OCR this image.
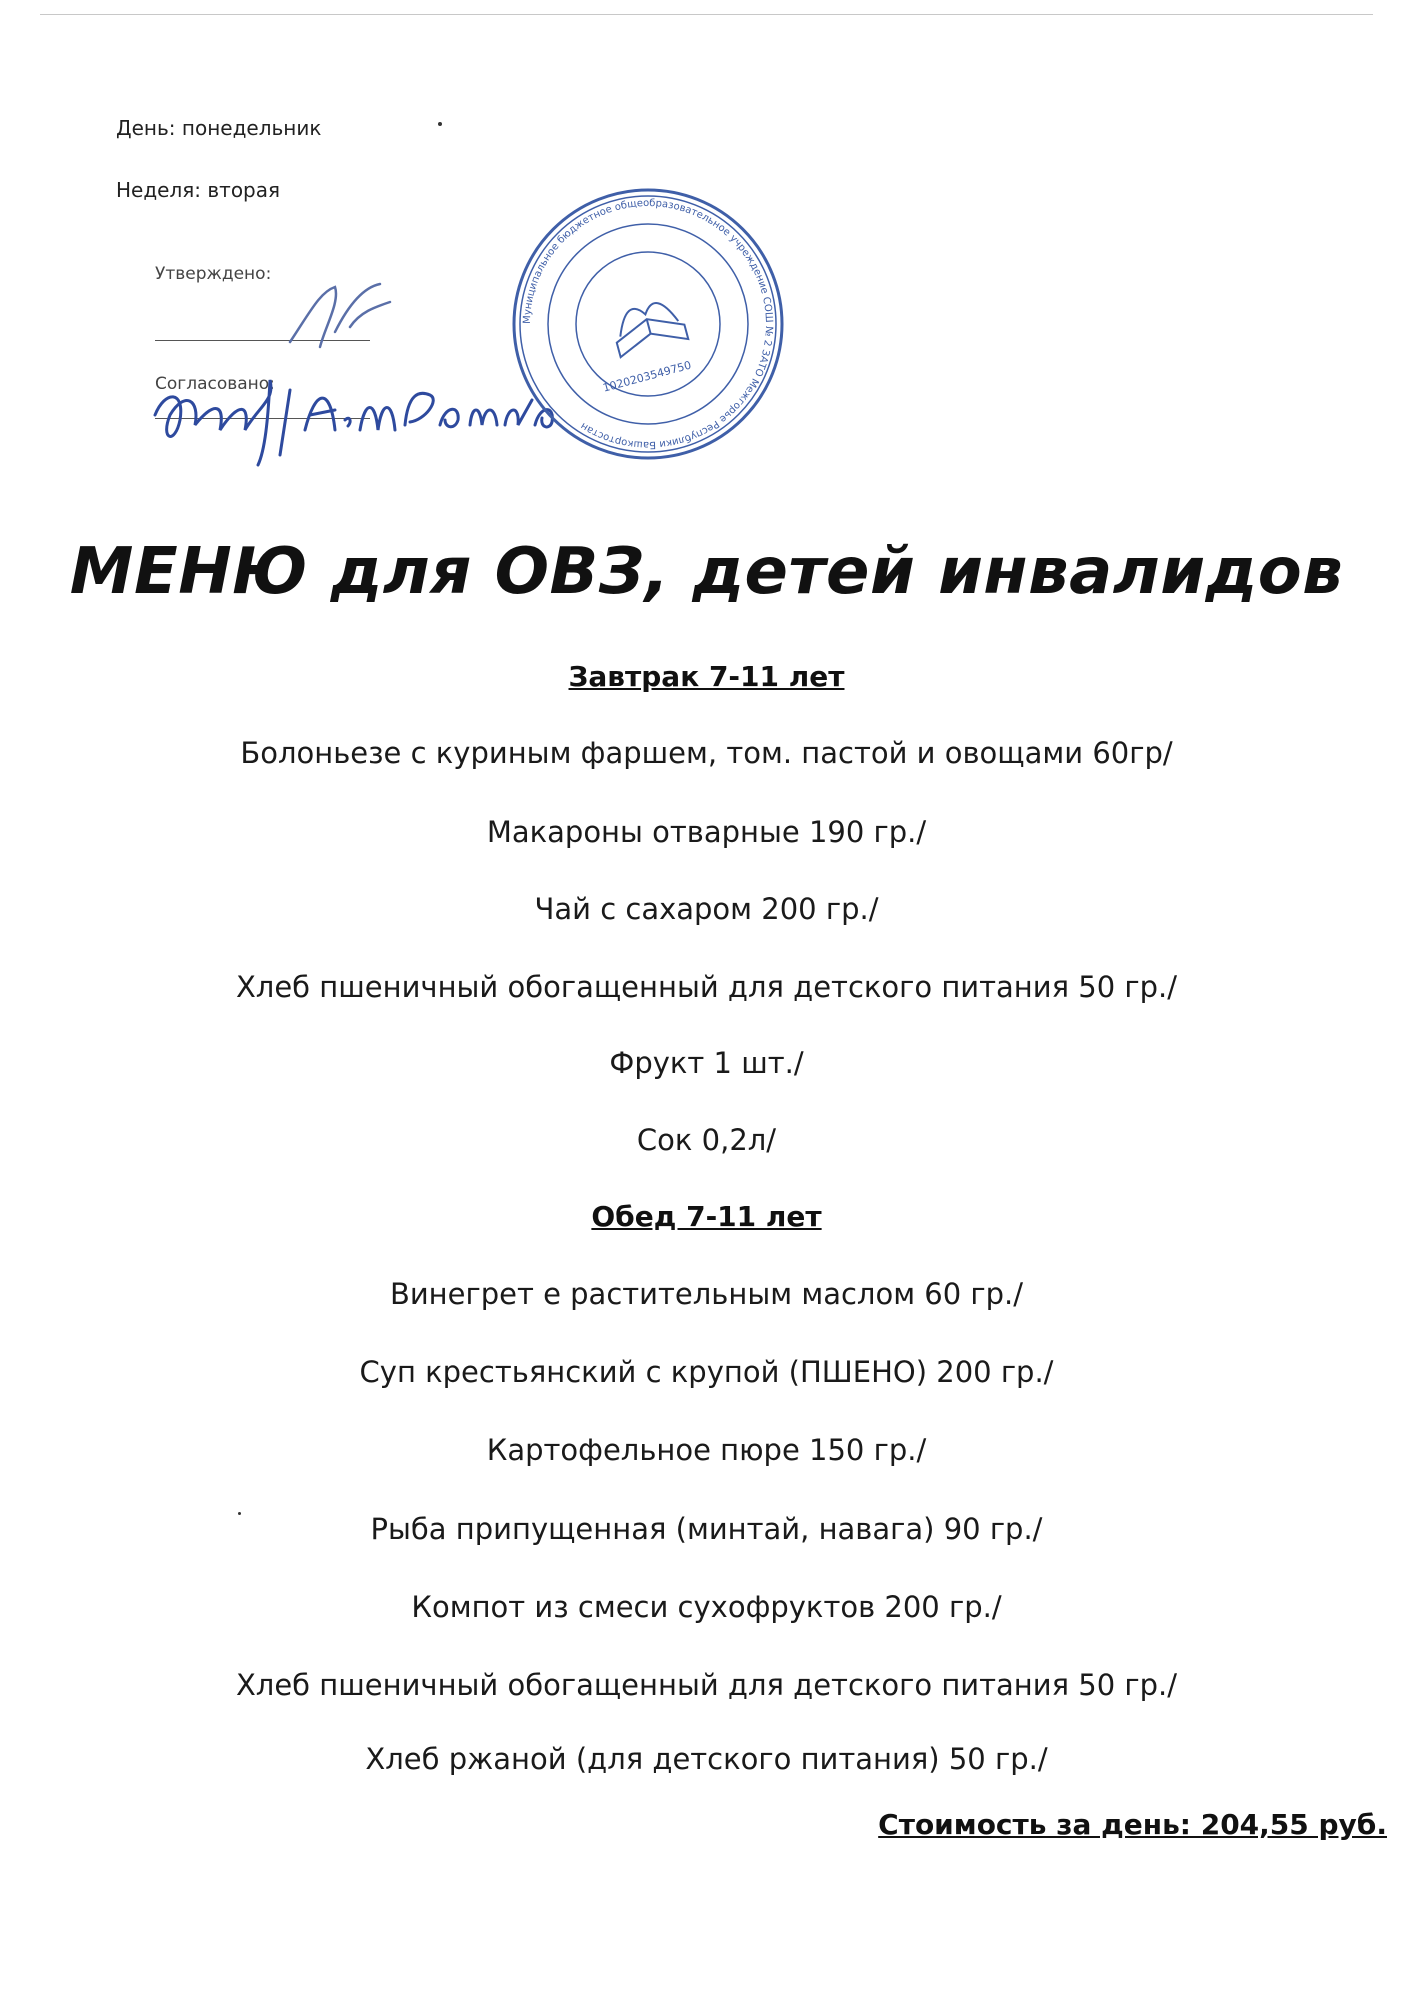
День: понедельник
Неделя: вторая
Утверждено:
Согласовано:
Муниципальное бюджетное общеобразовательное учреждение СОШ № 2 ЗАТО Межгорье Республики Башкортостан
1020203549750
МЕНЮ для ОВЗ, детей инвалидов
Завтрак 7-11 лет
Болоньезе с куриным фаршем, том. пастой и овощами 60гр/
Макароны отварные 190 гр./
Чай с сахаром 200 гр./
Хлеб пшеничный обогащенный для детского питания 50 гр./
Фрукт 1 шт./
Сок 0,2л/
Обед 7-11 лет
Винегрет е растительным маслом 60 гр./
Суп крестьянский с крупой (ПШЕНО) 200 гр./
Картофельное пюре 150 гр./
Рыба припущенная (минтай, навага) 90 гр./
Компот из смеси сухофруктов 200 гр./
Хлеб пшеничный обогащенный для детского питания 50 гр./
Хлеб ржаной (для детского питания) 50 гр./
Стоимость за день: 204,55 руб.
